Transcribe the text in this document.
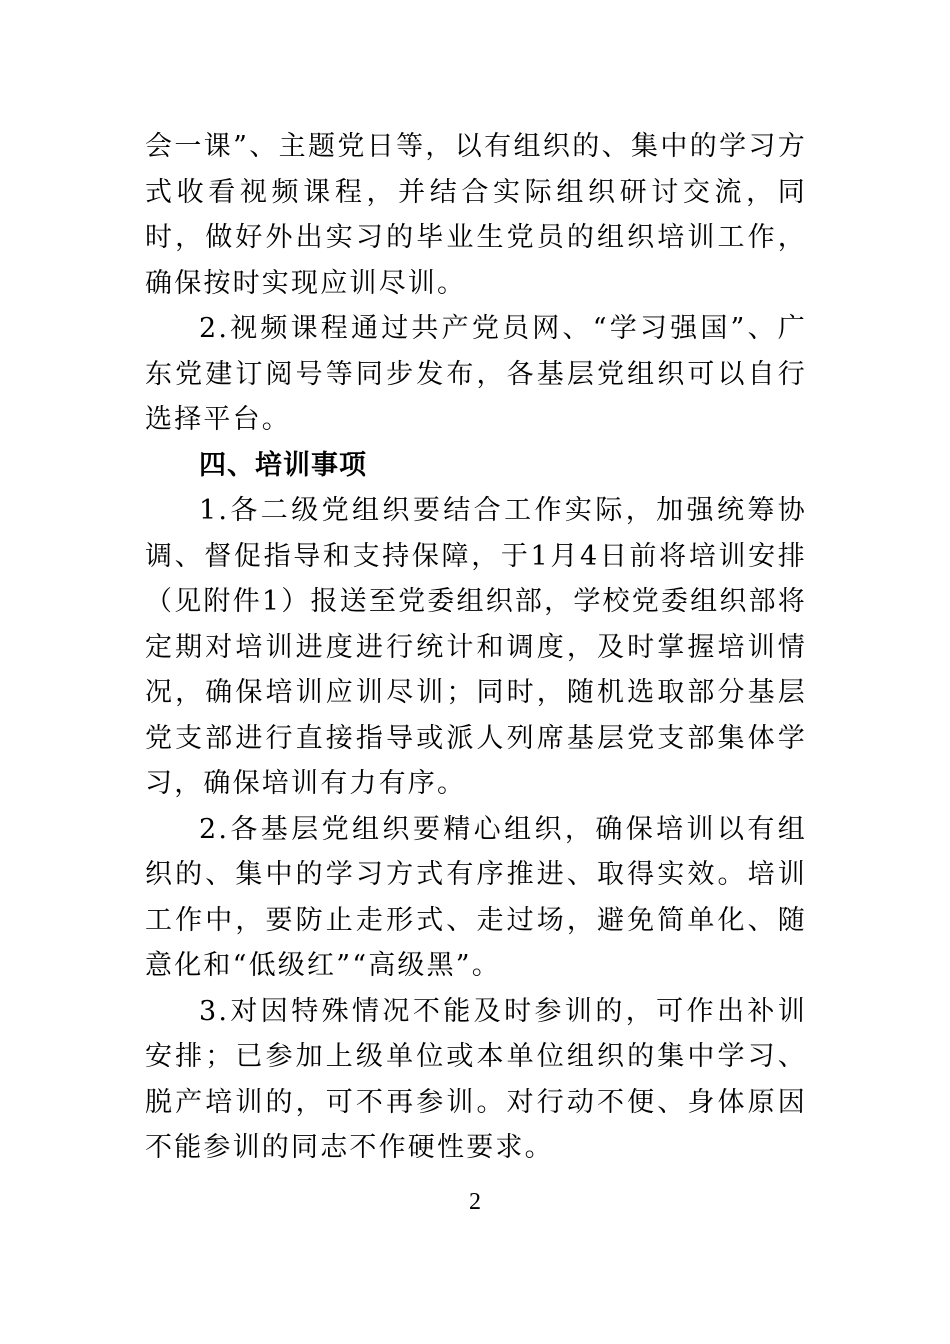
会一课”、主题党日等，以有组织的、集中的学习方式收看视频课程，并结合实际组织研讨交流，同时，做好外出实习的毕业生党员的组织培训工作，确保按时实现应训尽训。

2.视频课程通过共产党员网、“学习强国”、广东党建订阅号等同步发布，各基层党组织可以自行选择平台。

四、培训事项

1.各二级党组织要结合工作实际，加强统筹协调、督促指导和支持保障，于1月4日前将培训安排（见附件1）报送至党委组织部，学校党委组织部将定期对培训进度进行统计和调度，及时掌握培训情况，确保培训应训尽训；同时，随机选取部分基层党支部进行直接指导或派人列席基层党支部集体学习，确保培训有力有序。

2.各基层党组织要精心组织，确保培训以有组织的、集中的学习方式有序推进、取得实效。培训工作中，要防止走形式、走过场，避免简单化、随意化和“低级红”“高级黑”。

3.对因特殊情况不能及时参训的，可作出补训安排；已参加上级单位或本单位组织的集中学习、脱产培训的，可不再参训。对行动不便、身体原因不能参训的同志不作硬性要求。

2
